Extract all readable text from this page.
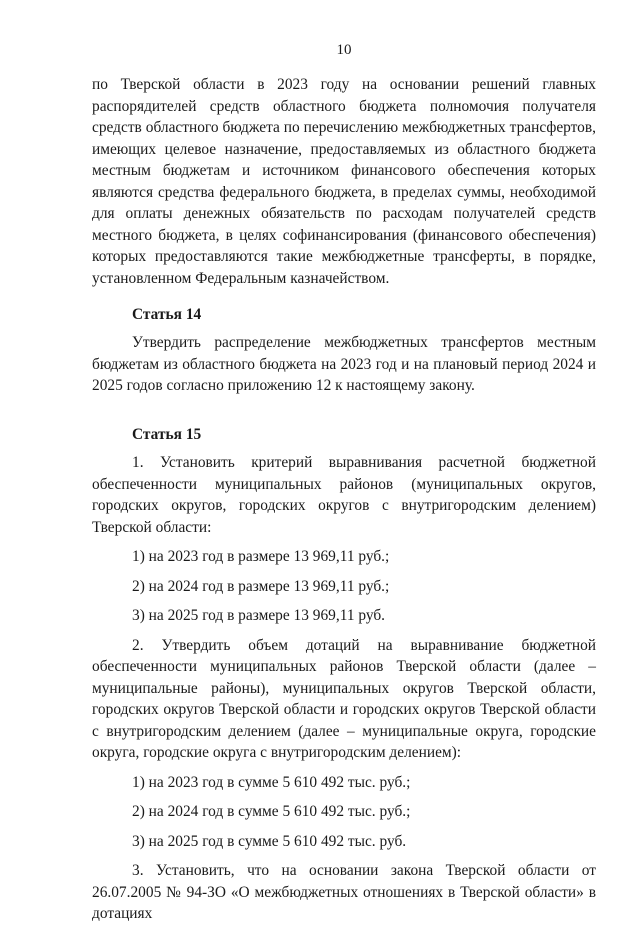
10

по Тверской области в 2023 году на основании решений главных распорядителей средств областного бюджета полномочия получателя средств областного бюджета по перечислению межбюджетных трансфертов, имеющих целевое назначение, предоставляемых из областного бюджета местным бюджетам и источником финансового обеспечения которых являются средства федерального бюджета, в пределах суммы, необходимой для оплаты денежных обязательств по расходам получателей средств местного бюджета, в целях софинансирования (финансового обеспечения) которых предоставляются такие межбюджетные трансферты, в порядке, установленном Федеральным казначейством.

Статья 14

Утвердить распределение межбюджетных трансфертов местным бюджетам из областного бюджета на 2023 год и на плановый период 2024 и 2025 годов согласно приложению 12 к настоящему закону.

Статья 15

1. Установить критерий выравнивания расчетной бюджетной обеспеченности муниципальных районов (муниципальных округов, городских округов, городских округов с внутригородским делением) Тверской области:

1) на 2023 год в размере 13 969,11 руб.;

2) на 2024 год в размере 13 969,11 руб.;

3) на 2025 год в размере 13 969,11 руб.

2. Утвердить объем дотаций на выравнивание бюджетной обеспеченности муниципальных районов Тверской области (далее – муниципальные районы), муниципальных округов Тверской области, городских округов Тверской области и городских округов Тверской области с внутригородским делением (далее – муниципальные округа, городские округа, городские округа с внутригородским делением):

1) на 2023 год в сумме 5 610 492 тыс. руб.;

2) на 2024 год в сумме 5 610 492 тыс. руб.;

3) на 2025 год в сумме 5 610 492 тыс. руб.

3. Установить, что на основании закона Тверской области от 26.07.2005 № 94-ЗО «О межбюджетных отношениях в Тверской области» в дотациях
